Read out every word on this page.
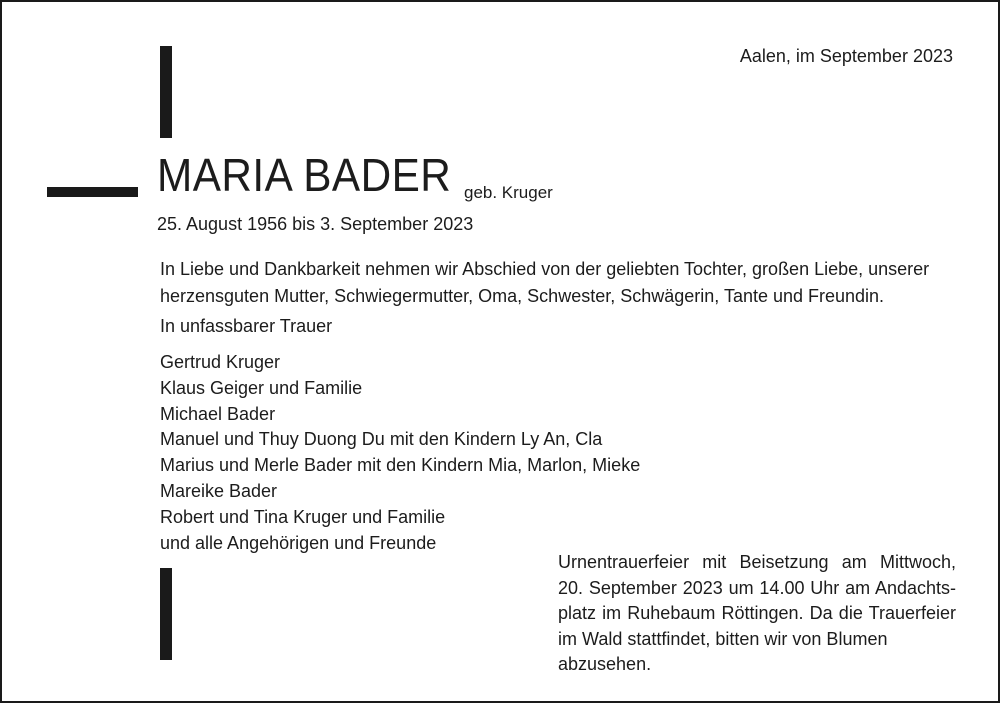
Aalen, im September 2023
MARIA BADER geb. Kruger
25. August 1956 bis 3. September 2023
In Liebe und Dankbarkeit nehmen wir Abschied von der geliebten Tochter, großen Liebe, unserer
herzensguten Mutter, Schwiegermutter, Oma, Schwester, Schwägerin, Tante und Freundin.
In unfassbarer Trauer
Gertrud Kruger
Klaus Geiger und Familie
Michael Bader
Manuel und Thuy Duong Du mit den Kindern Ly An, Cla
Marius und Merle Bader mit den Kindern Mia, Marlon, Mieke
Mareike Bader
Robert und Tina Kruger und Familie
und alle Angehörigen und Freunde
Urnentrauerfeier mit Beisetzung am Mittwoch,
20. September 2023 um 14.00 Uhr am Andachts-
platz im Ruhebaum Röttingen. Da die Trauerfeier
im Wald stattfindet, bitten wir von Blumen
abzusehen.
